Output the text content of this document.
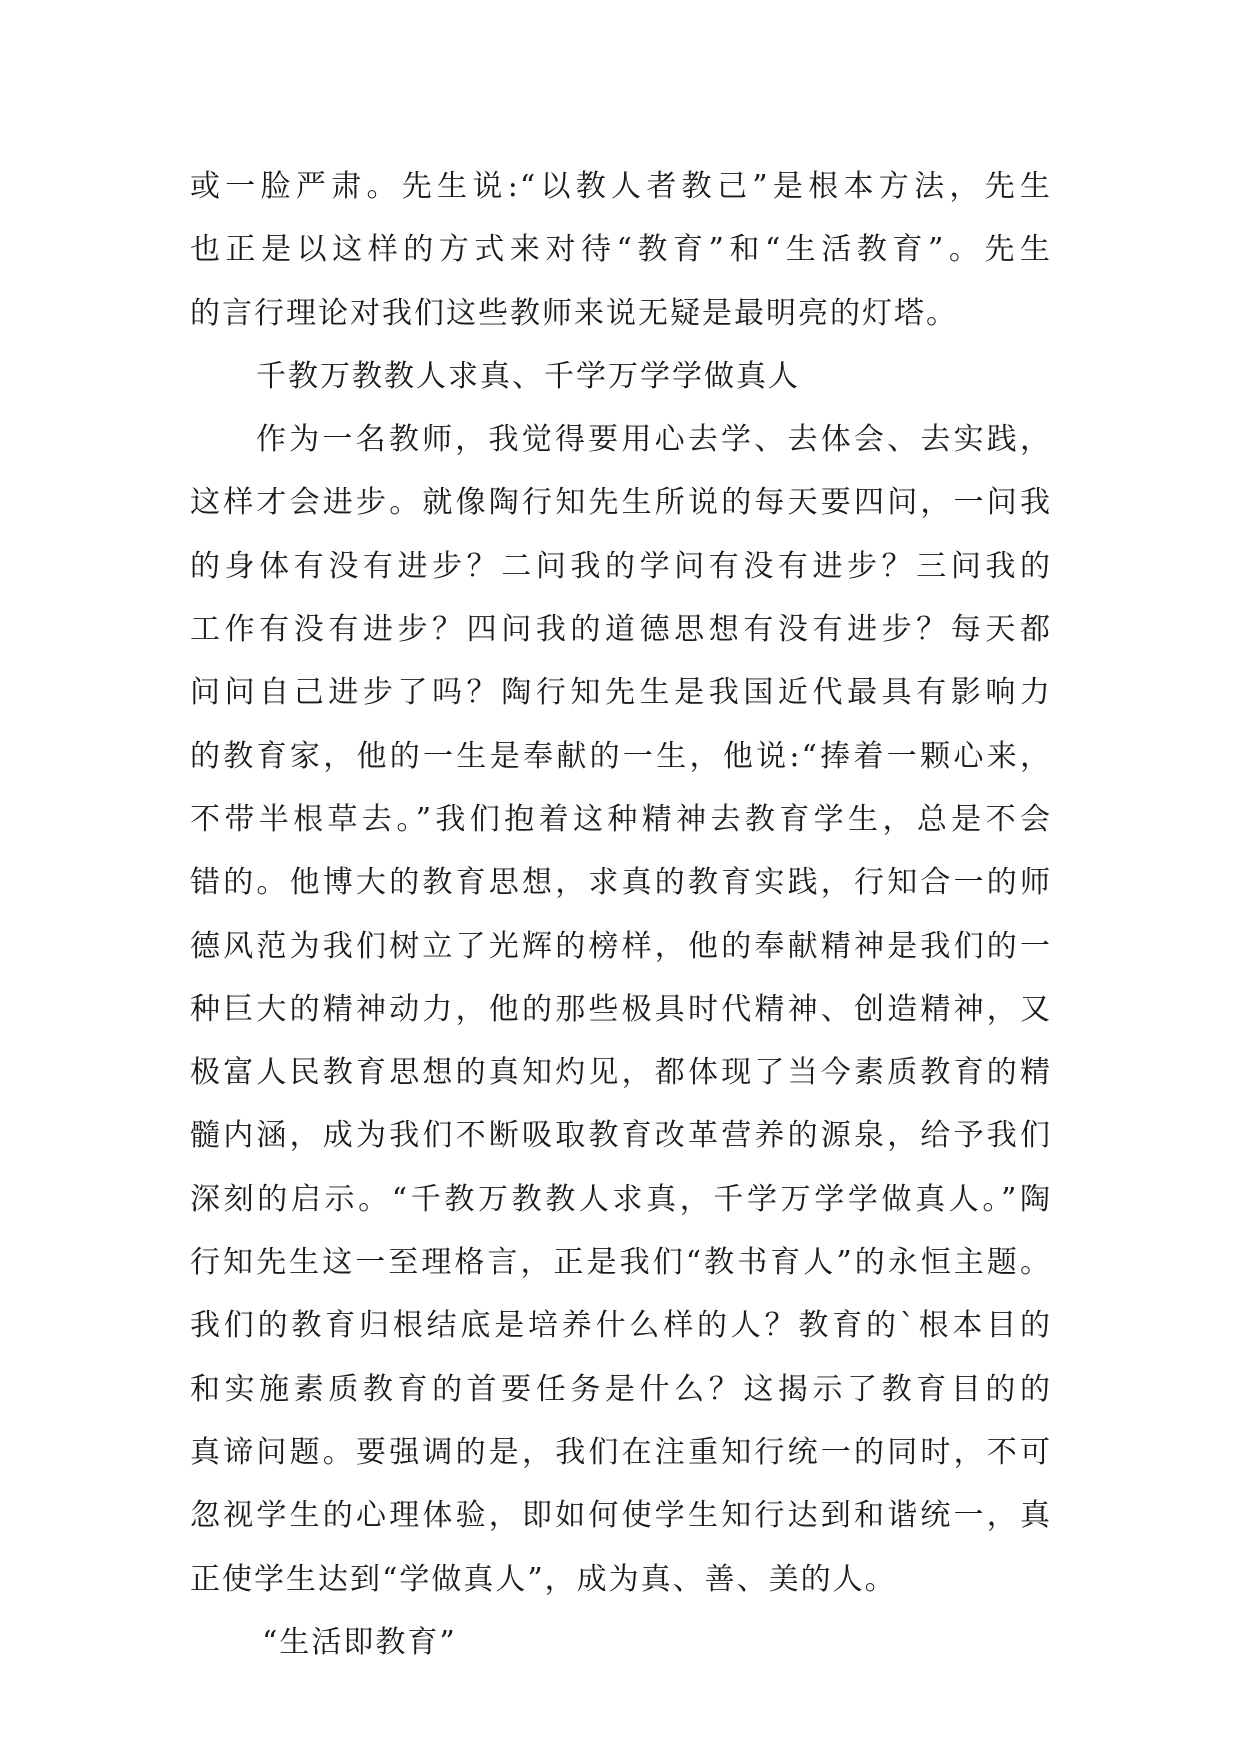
或一脸严肃。先生说:“以教人者教己”是根本方法，先生
也正是以这样的方式来对待“教育”和“生活教育”。先生
的言行理论对我们这些教师来说无疑是最明亮的灯塔。
千教万教教人求真、千学万学学做真人
作为一名教师，我觉得要用心去学、去体会、去实践，
这样才会进步。就像陶行知先生所说的每天要四问，一问我
的身体有没有进步？二问我的学问有没有进步？三问我的
工作有没有进步？四问我的道德思想有没有进步？每天都
问问自己进步了吗？陶行知先生是我国近代最具有影响力
的教育家，他的一生是奉献的一生，他说:“捧着一颗心来，
不带半根草去。”我们抱着这种精神去教育学生，总是不会
错的。他博大的教育思想，求真的教育实践，行知合一的师
德风范为我们树立了光辉的榜样，他的奉献精神是我们的一
种巨大的精神动力，他的那些极具时代精神、创造精神，又
极富人民教育思想的真知灼见，都体现了当今素质教育的精
髓内涵，成为我们不断吸取教育改革营养的源泉，给予我们
深刻的启示。“千教万教教人求真，千学万学学做真人。”陶
行知先生这一至理格言，正是我们“教书育人”的永恒主题。
我们的教育归根结底是培养什么样的人？教育的`根本目的
和实施素质教育的首要任务是什么？这揭示了教育目的的
真谛问题。要强调的是，我们在注重知行统一的同时，不可
忽视学生的心理体验，即如何使学生知行达到和谐统一，真
正使学生达到“学做真人”，成为真、善、美的人。
“生活即教育”
